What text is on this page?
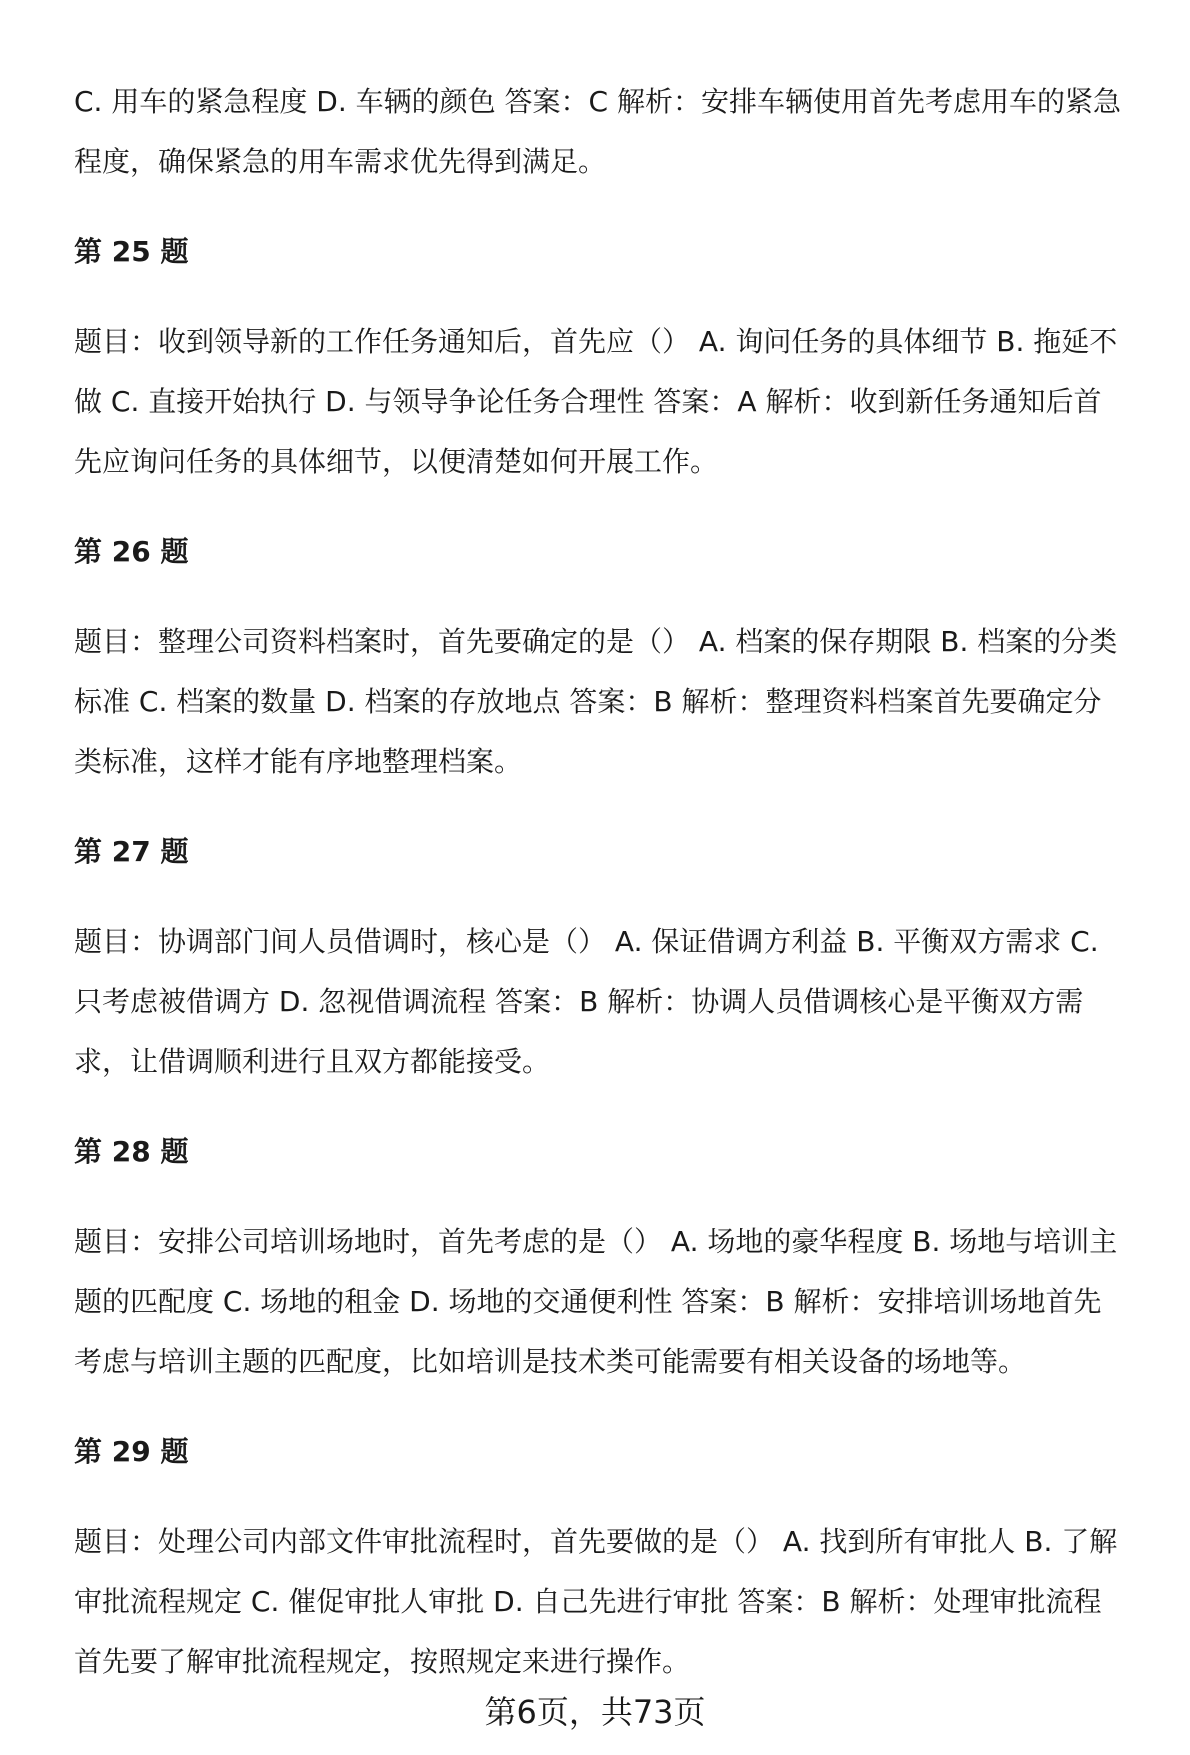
C. 用车的紧急程度 D. 车辆的颜色 答案：C 解析：安排车辆使用首先考虑用车的紧急程度，确保紧急的用车需求优先得到满足。

第 25 题

题目：收到领导新的工作任务通知后，首先应（） A. 询问任务的具体细节 B. 拖延不做 C. 直接开始执行 D. 与领导争论任务合理性 答案：A 解析：收到新任务通知后首先应询问任务的具体细节，以便清楚如何开展工作。

第 26 题

题目：整理公司资料档案时，首先要确定的是（） A. 档案的保存期限 B. 档案的分类标准 C. 档案的数量 D. 档案的存放地点 答案：B 解析：整理资料档案首先要确定分类标准，这样才能有序地整理档案。

第 27 题

题目：协调部门间人员借调时，核心是（） A. 保证借调方利益 B. 平衡双方需求 C. 只考虑被借调方 D. 忽视借调流程 答案：B 解析：协调人员借调核心是平衡双方需求，让借调顺利进行且双方都能接受。

第 28 题

题目：安排公司培训场地时，首先考虑的是（） A. 场地的豪华程度 B. 场地与培训主题的匹配度 C. 场地的租金 D. 场地的交通便利性 答案：B 解析：安排培训场地首先考虑与培训主题的匹配度，比如培训是技术类可能需要有相关设备的场地等。

第 29 题

题目：处理公司内部文件审批流程时，首先要做的是（） A. 找到所有审批人 B. 了解审批流程规定 C. 催促审批人审批 D. 自己先进行审批 答案：B 解析：处理审批流程首先要了解审批流程规定，按照规定来进行操作。

第6页，共73页
